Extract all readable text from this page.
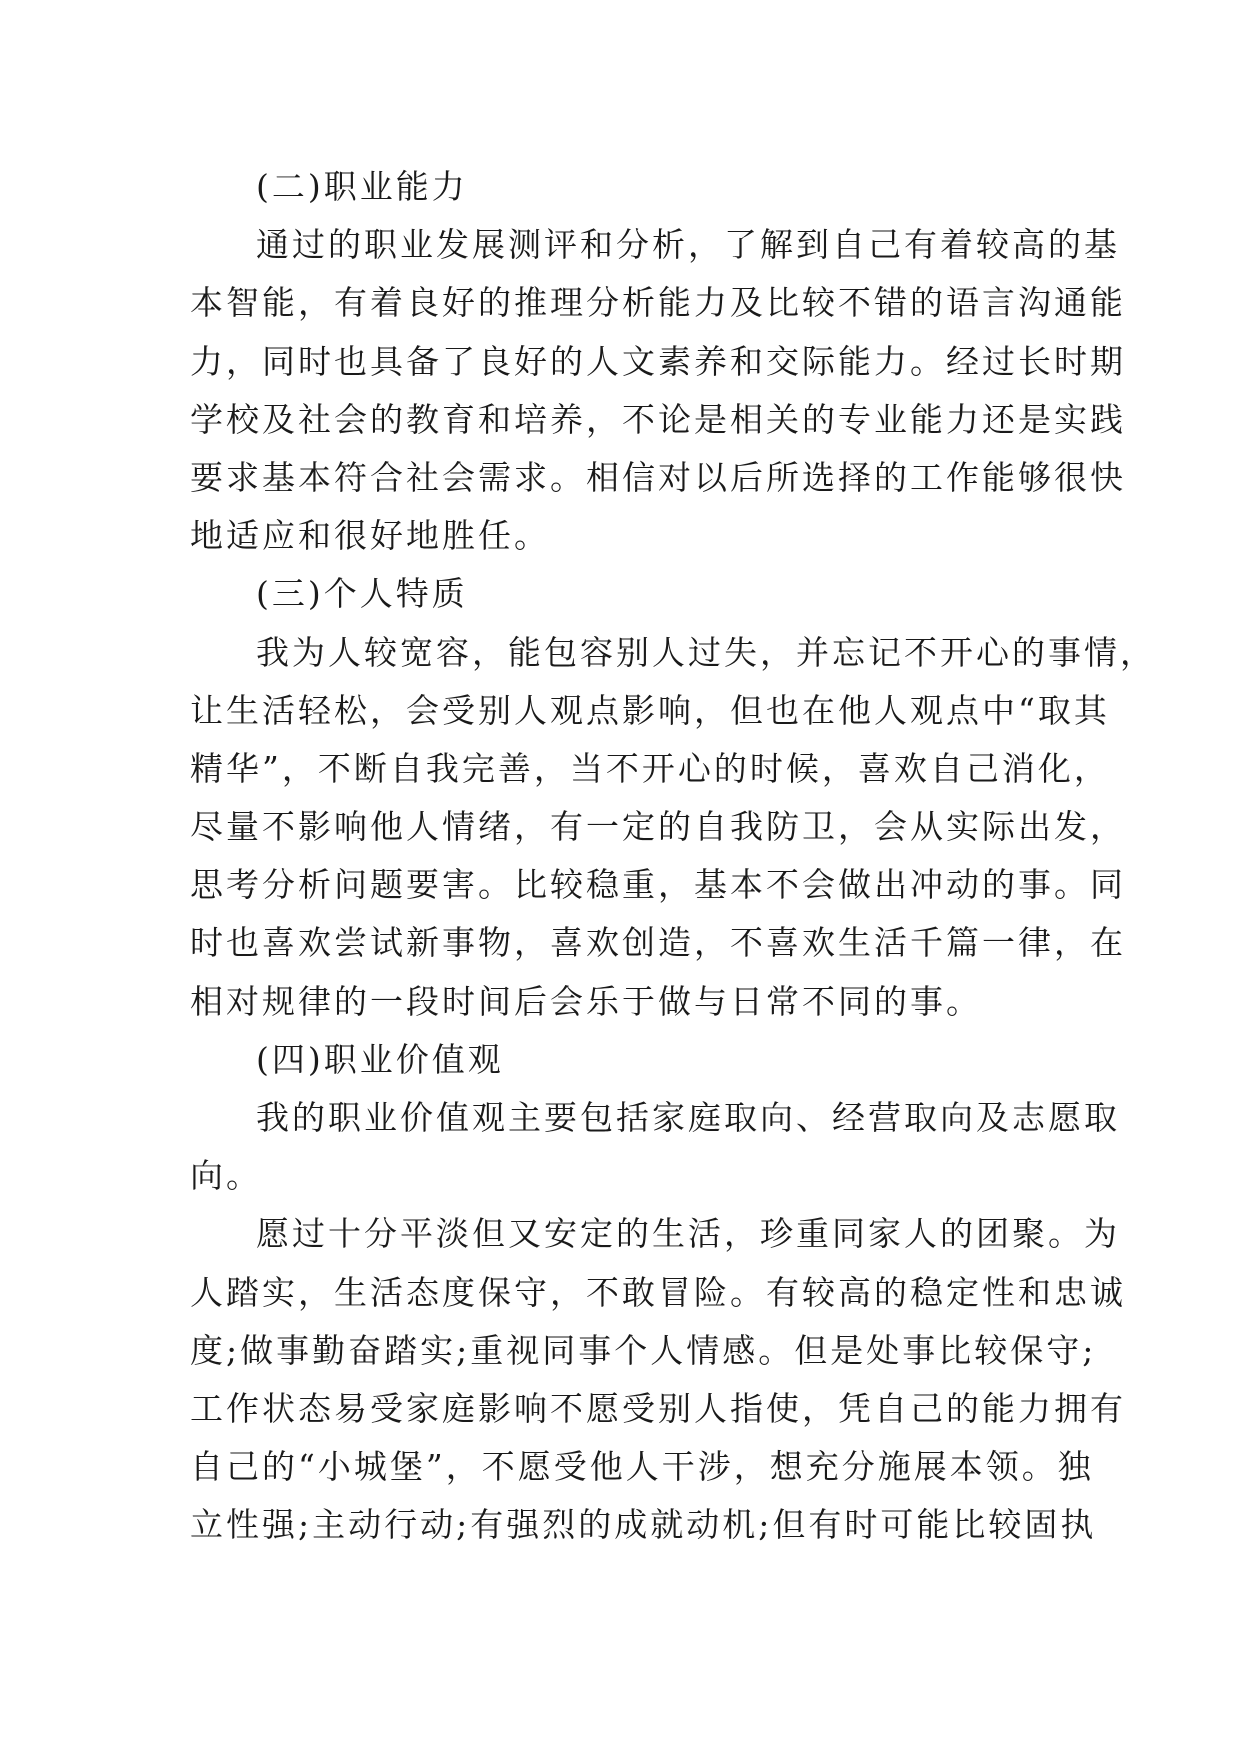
(二)职业能力
通过的职业发展测评和分析，了解到自己有着较高的基
本智能，有着良好的推理分析能力及比较不错的语言沟通能
力，同时也具备了良好的人文素养和交际能力。经过长时期
学校及社会的教育和培养，不论是相关的专业能力还是实践
要求基本符合社会需求。相信对以后所选择的工作能够很快
地适应和很好地胜任。
(三)个人特质
我为人较宽容，能包容别人过失，并忘记不开心的事情，
让生活轻松，会受别人观点影响，但也在他人观点中“取其
精华”，不断自我完善，当不开心的时候，喜欢自己消化，
尽量不影响他人情绪，有一定的自我防卫，会从实际出发，
思考分析问题要害。比较稳重，基本不会做出冲动的事。同
时也喜欢尝试新事物，喜欢创造，不喜欢生活千篇一律，在
相对规律的一段时间后会乐于做与日常不同的事。
(四)职业价值观
我的职业价值观主要包括家庭取向、经营取向及志愿取
向。
愿过十分平淡但又安定的生活，珍重同家人的团聚。为
人踏实，生活态度保守，不敢冒险。有较高的稳定性和忠诚
度;做事勤奋踏实;重视同事个人情感。但是处事比较保守;
工作状态易受家庭影响不愿受别人指使，凭自己的能力拥有
自己的“小城堡”，不愿受他人干涉，想充分施展本领。独
立性强;主动行动;有强烈的成就动机;但有时可能比较固执
